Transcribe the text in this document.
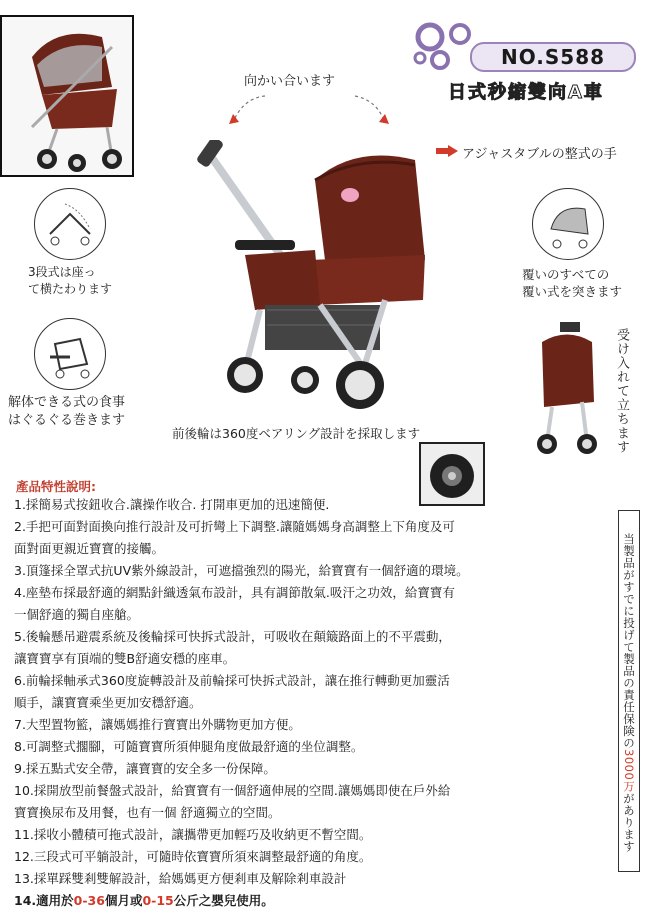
NO.S588
日式秒縮雙向A車
向かい合います
アジャスタブルの整式の手
3段式は座っ
て横たわります
解体できる式の食事
はぐるぐる巻きます
覆いのすべての
覆い式を突きます
受け入れて立ちます
前後輪は360度ベアリング設計を採取します
產品特性說明:
1.採簡易式按鈕收合.讓操作收合. 打開車更加的迅速簡便.
2.手把可面對面換向推行設計及可折彎上下調整.讓隨媽媽身高調整上下角度及可
面對面更親近寶寶的接觸。
3.頂篷採全罩式抗UV紫外線設計，可遮擋強烈的陽光，給寶寶有一個舒適的環境。
4.座墊布採最舒適的網點針織透氣布設計，具有調節散氣.吸汗之功效，給寶寶有
一個舒適的獨自座艙。
5.後輪懸吊避震系統及後輪採可快拆式設計，可吸收在顛簸路面上的不平震動，
讓寶寶享有頂端的雙B舒適安穩的座車。
6.前輪採軸承式360度旋轉設計及前輪採可快拆式設計，讓在推行轉動更加靈活
順手，讓寶寶乘坐更加安穩舒適。
7.大型置物籃，讓媽媽推行寶寶出外購物更加方便。
8.可調整式擱腳，可隨寶寶所須伸腿角度做最舒適的坐位調整。
9.採五點式安全帶，讓寶寶的安全多一份保障。
10.採開放型前餐盤式設計，給寶寶有一個舒適伸展的空間.讓媽媽即使在戶外給
寶寶換尿布及用餐，也有一個 舒適獨立的空間。
11.採收小體積可拖式設計，讓攜帶更加輕巧及收納更不暫空間。
12.三段式可平躺設計，可隨時依寶寶所須來調整最舒適的角度。
13.採單踩雙剎雙解設計，給媽媽更方便剎車及解除剎車設計
14.適用於0-36個月或0-15公斤之嬰兒使用。
当製品がすでに投げて製品の責任保険の3000万があります
